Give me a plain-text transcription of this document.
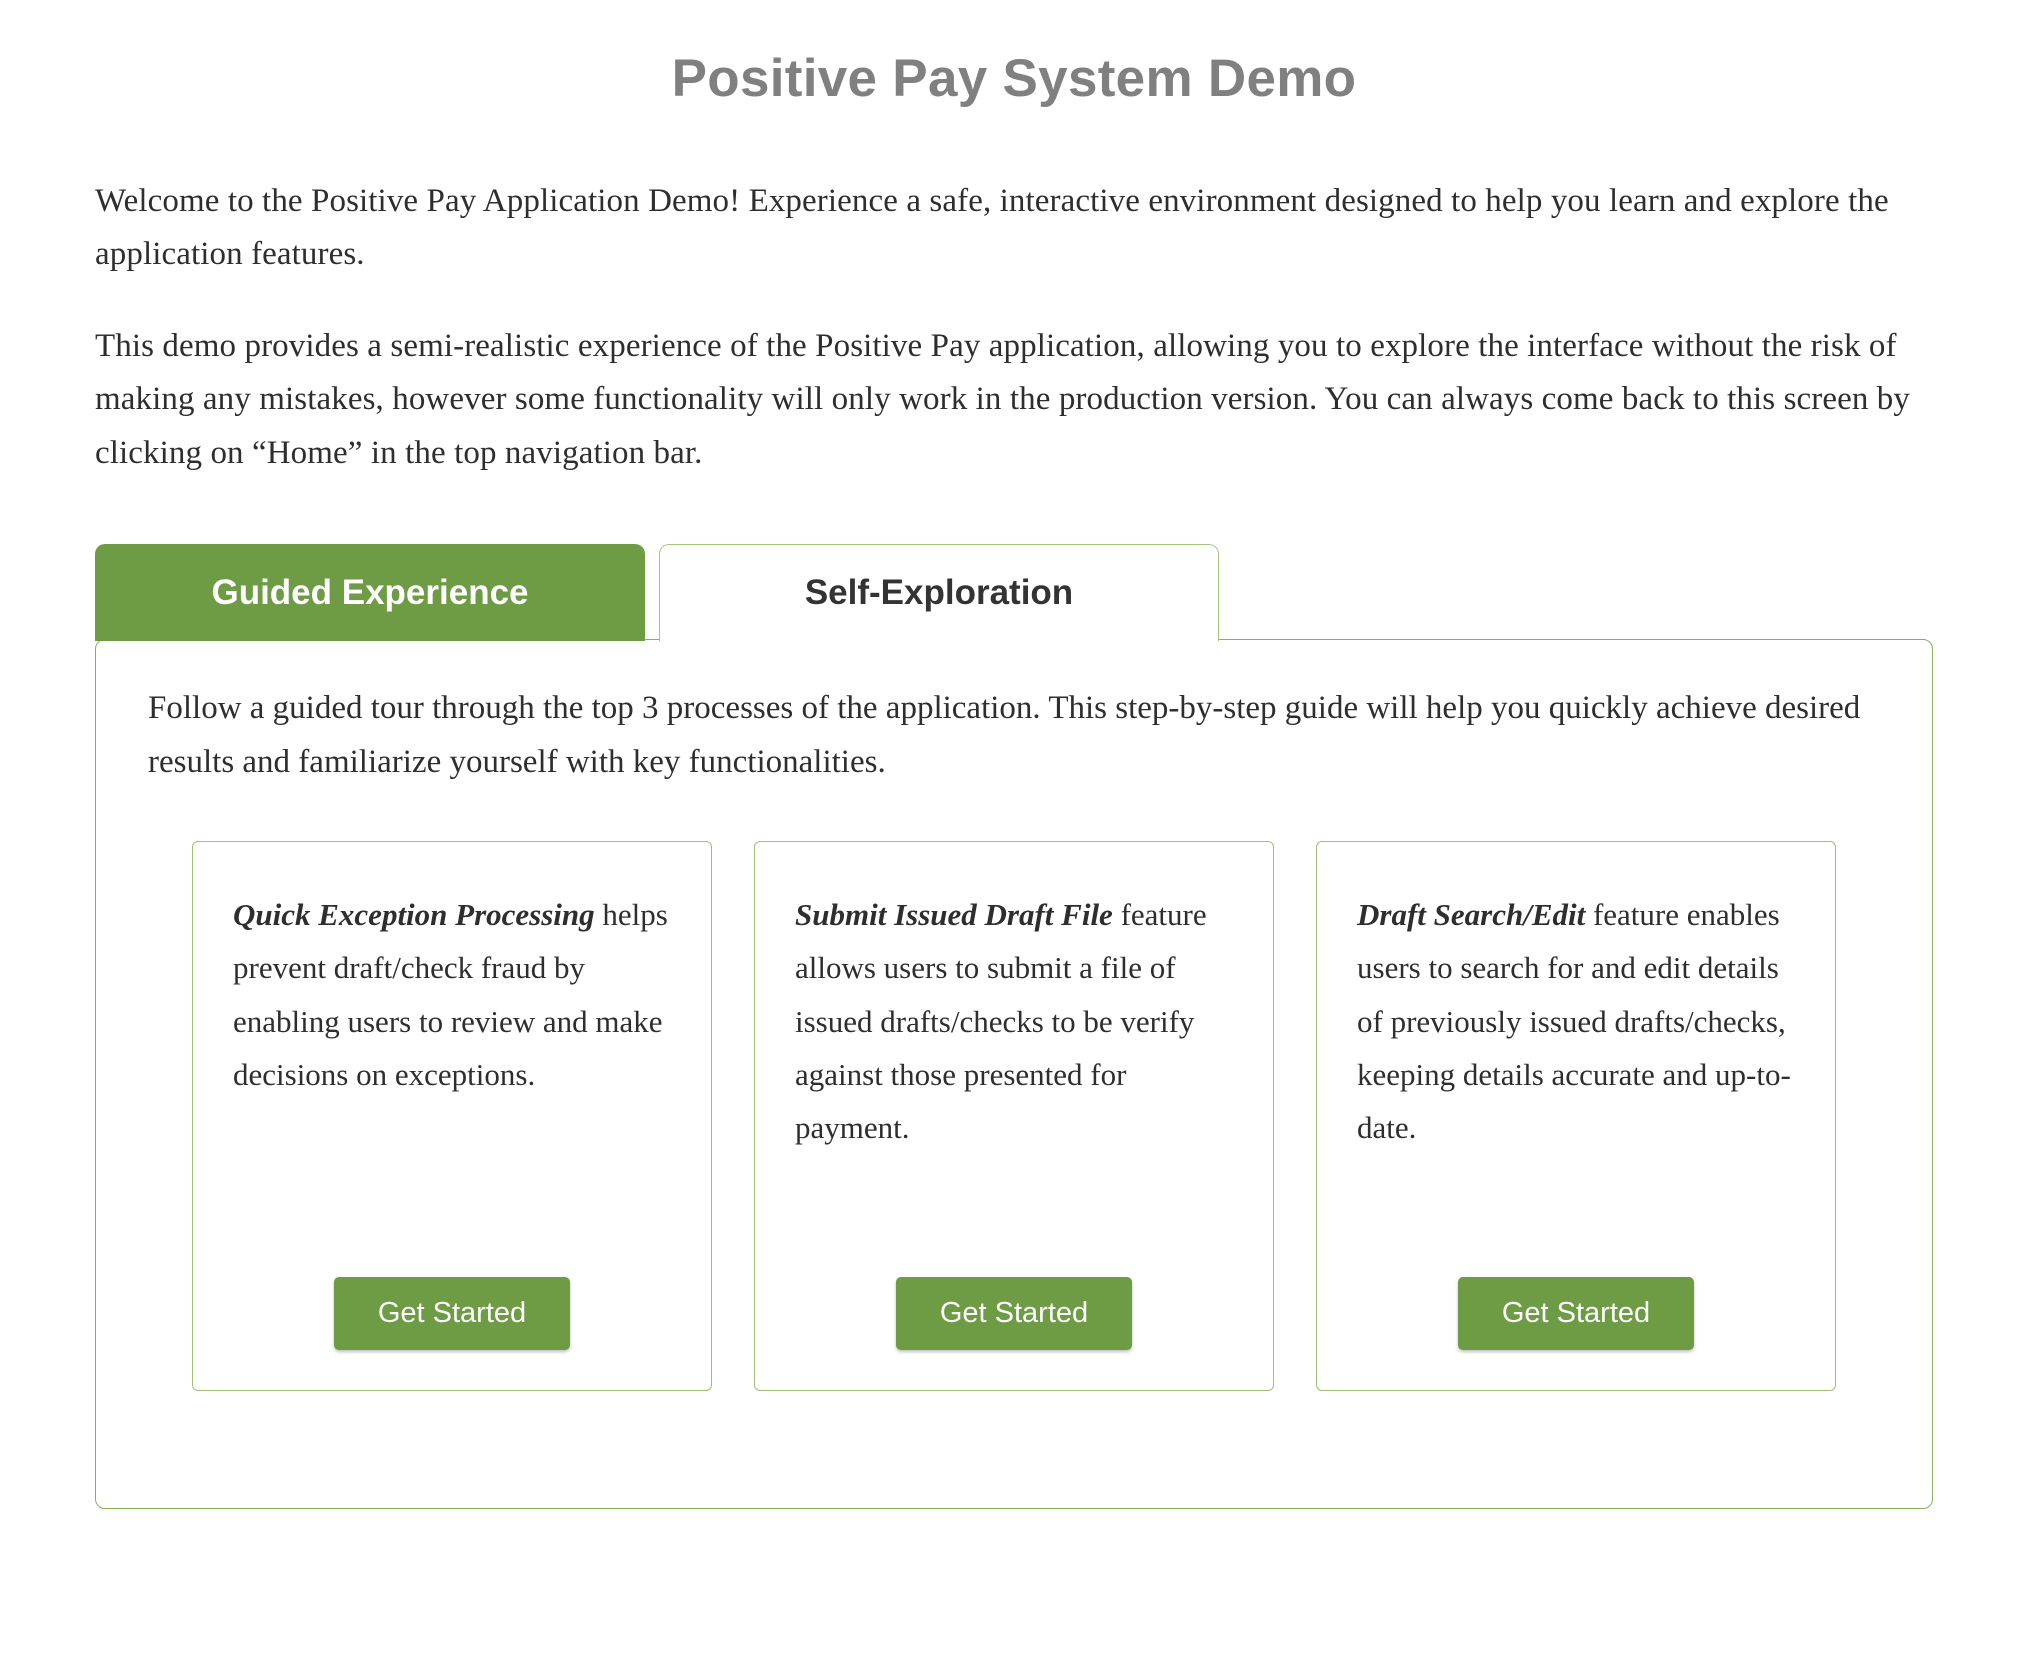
Positive Pay System Demo

Welcome to the Positive Pay Application Demo! Experience a safe, interactive environment designed to help you learn and explore the application features.

This demo provides a semi-realistic experience of the Positive Pay application, allowing you to explore the interface without the risk of making any mistakes, however some functionality will only work in the production version. You can always come back to this screen by clicking on “Home” in the top navigation bar.

Guided Experience	Self-Exploration

Follow a guided tour through the top 3 processes of the application. This step-by-step guide will help you quickly achieve desired results and familiarize yourself with key functionalities.

Quick Exception Processing helps prevent draft/check fraud by enabling users to review and make decisions on exceptions.
Get Started
Submit Issued Draft File feature allows users to submit a file of issued drafts/checks to be verify against those presented for payment.
Get Started
Draft Search/Edit feature enables users to search for and edit details of previously issued drafts/checks, keeping details accurate and up-to-date.
Get Started
